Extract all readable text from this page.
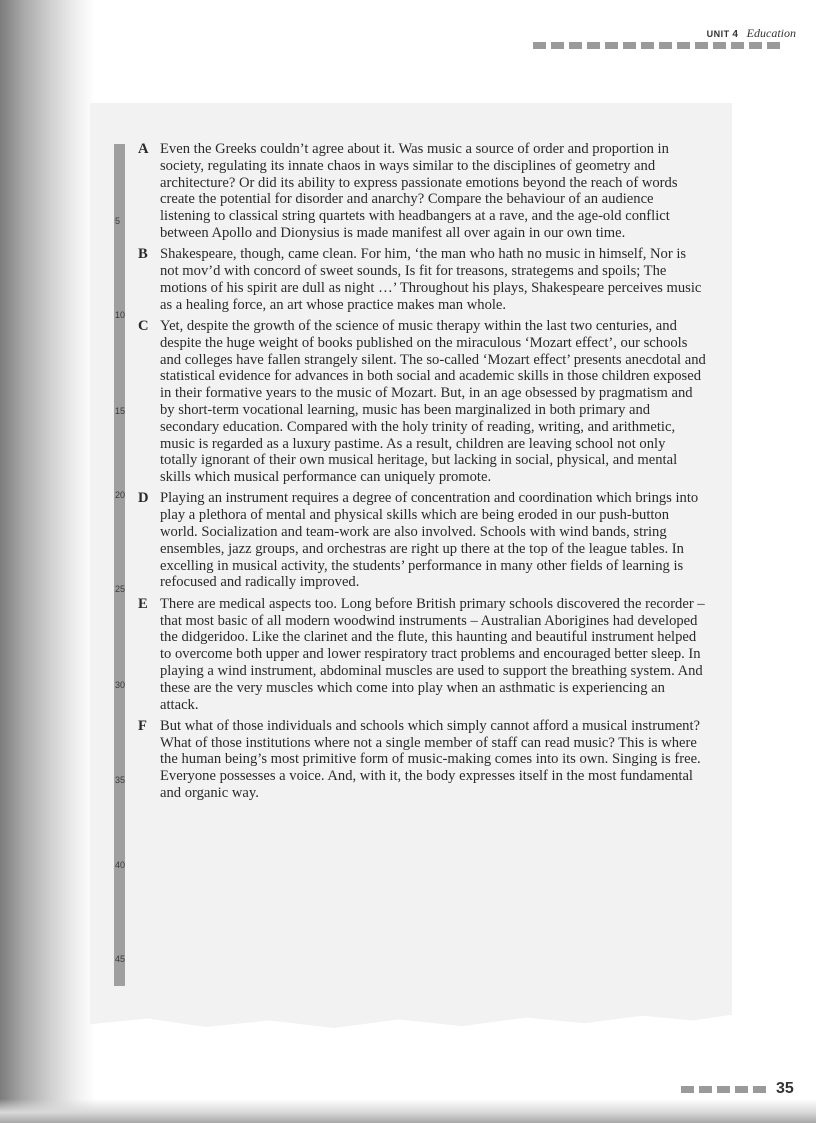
UNIT 4 Education
5
10
15
20
25
30
35
40
45
A Even the Greeks couldn’t agree about it. Was music a source of order and proportion in society, regulating its innate chaos in ways similar to the disciplines of geometry and architecture? Or did its ability to express passionate emotions beyond the reach of words create the potential for disorder and anarchy? Compare the behaviour of an audience listening to classical string quartets with headbangers at a rave, and the age-old conflict between Apollo and Dionysius is made manifest all over again in our own time.
B Shakespeare, though, came clean. For him, ‘the man who hath no music in himself, Nor is not mov’d with concord of sweet sounds, Is fit for treasons, strategems and spoils; The motions of his spirit are dull as night …’ Throughout his plays, Shakespeare perceives music as a healing force, an art whose practice makes man whole.
C Yet, despite the growth of the science of music therapy within the last two centuries, and despite the huge weight of books published on the miraculous ‘Mozart effect’, our schools and colleges have fallen strangely silent. The so-called ‘Mozart effect’ presents anecdotal and statistical evidence for advances in both social and academic skills in those children exposed in their formative years to the music of Mozart. But, in an age obsessed by pragmatism and by short-term vocational learning, music has been marginalized in both primary and secondary education. Compared with the holy trinity of reading, writing, and arithmetic, music is regarded as a luxury pastime. As a result, children are leaving school not only totally ignorant of their own musical heritage, but lacking in social, physical, and mental skills which musical performance can uniquely promote.
D Playing an instrument requires a degree of concentration and coordination which brings into play a plethora of mental and physical skills which are being eroded in our push-button world. Socialization and team-work are also involved. Schools with wind bands, string ensembles, jazz groups, and orchestras are right up there at the top of the league tables. In excelling in musical activity, the students’ performance in many other fields of learning is refocused and radically improved.
E There are medical aspects too. Long before British primary schools discovered the recorder – that most basic of all modern woodwind instruments – Australian Aborigines had developed the didgeridoo. Like the clarinet and the flute, this haunting and beautiful instrument helped to overcome both upper and lower respiratory tract problems and encouraged better sleep. In playing a wind instrument, abdominal muscles are used to support the breathing system. And these are the very muscles which come into play when an asthmatic is experiencing an attack.
F But what of those individuals and schools which simply cannot afford a musical instrument? What of those institutions where not a single member of staff can read music? This is where the human being’s most primitive form of music-making comes into its own. Singing is free. Everyone possesses a voice. And, with it, the body expresses itself in the most fundamental and organic way.
35
